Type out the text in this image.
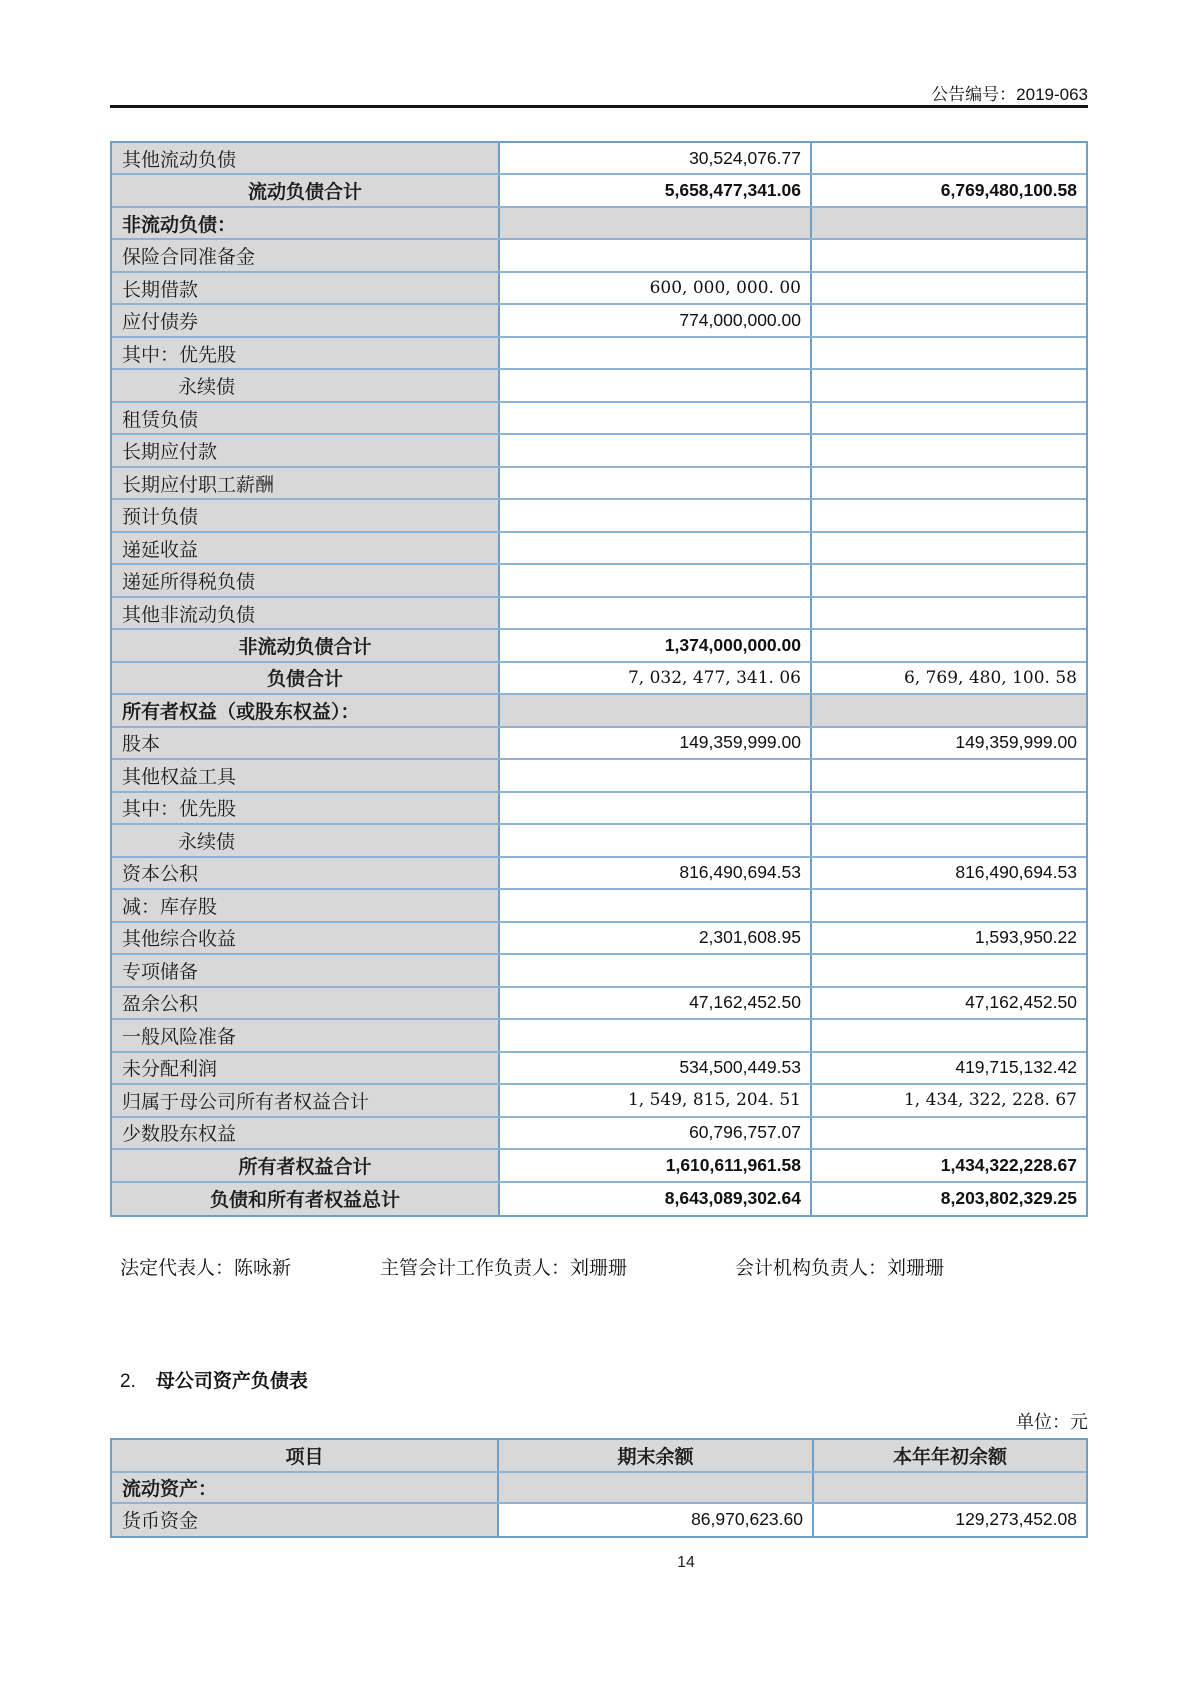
公告编号：2019-063
其他流动负债	30,524,076.77
流动负债合计	5,658,477,341.06	6,769,480,100.58
非流动负债：
保险合同准备金
长期借款	600, 000, 000. 00
应付债券	774,000,000.00
其中：优先股
永续债
租赁负债
长期应付款
长期应付职工薪酬
预计负债
递延收益
递延所得税负债
其他非流动负债
非流动负债合计	1,374,000,000.00
负债合计	7, 032, 477, 341. 06	6, 769, 480, 100. 58
所有者权益（或股东权益）：
股本	149,359,999.00	149,359,999.00
其他权益工具
其中：优先股
永续债
资本公积	816,490,694.53	816,490,694.53
减：库存股
其他综合收益	2,301,608.95	1,593,950.22
专项储备
盈余公积	47,162,452.50	47,162,452.50
一般风险准备
未分配利润	534,500,449.53	419,715,132.42
归属于母公司所有者权益合计	1, 549, 815, 204. 51	1, 434, 322, 228. 67
少数股东权益	60,796,757.07
所有者权益合计	1,610,611,961.58	1,434,322,228.67
负债和所有者权益总计	8,643,089,302.64	8,203,802,329.25
法定代表人：陈咏新	主管会计工作负责人：刘珊珊	会计机构负责人：刘珊珊
2. 母公司资产负债表
单位：元
项目	期末余额	本年年初余额
流动资产：
货币资金	86,970,623.60	129,273,452.08
14
